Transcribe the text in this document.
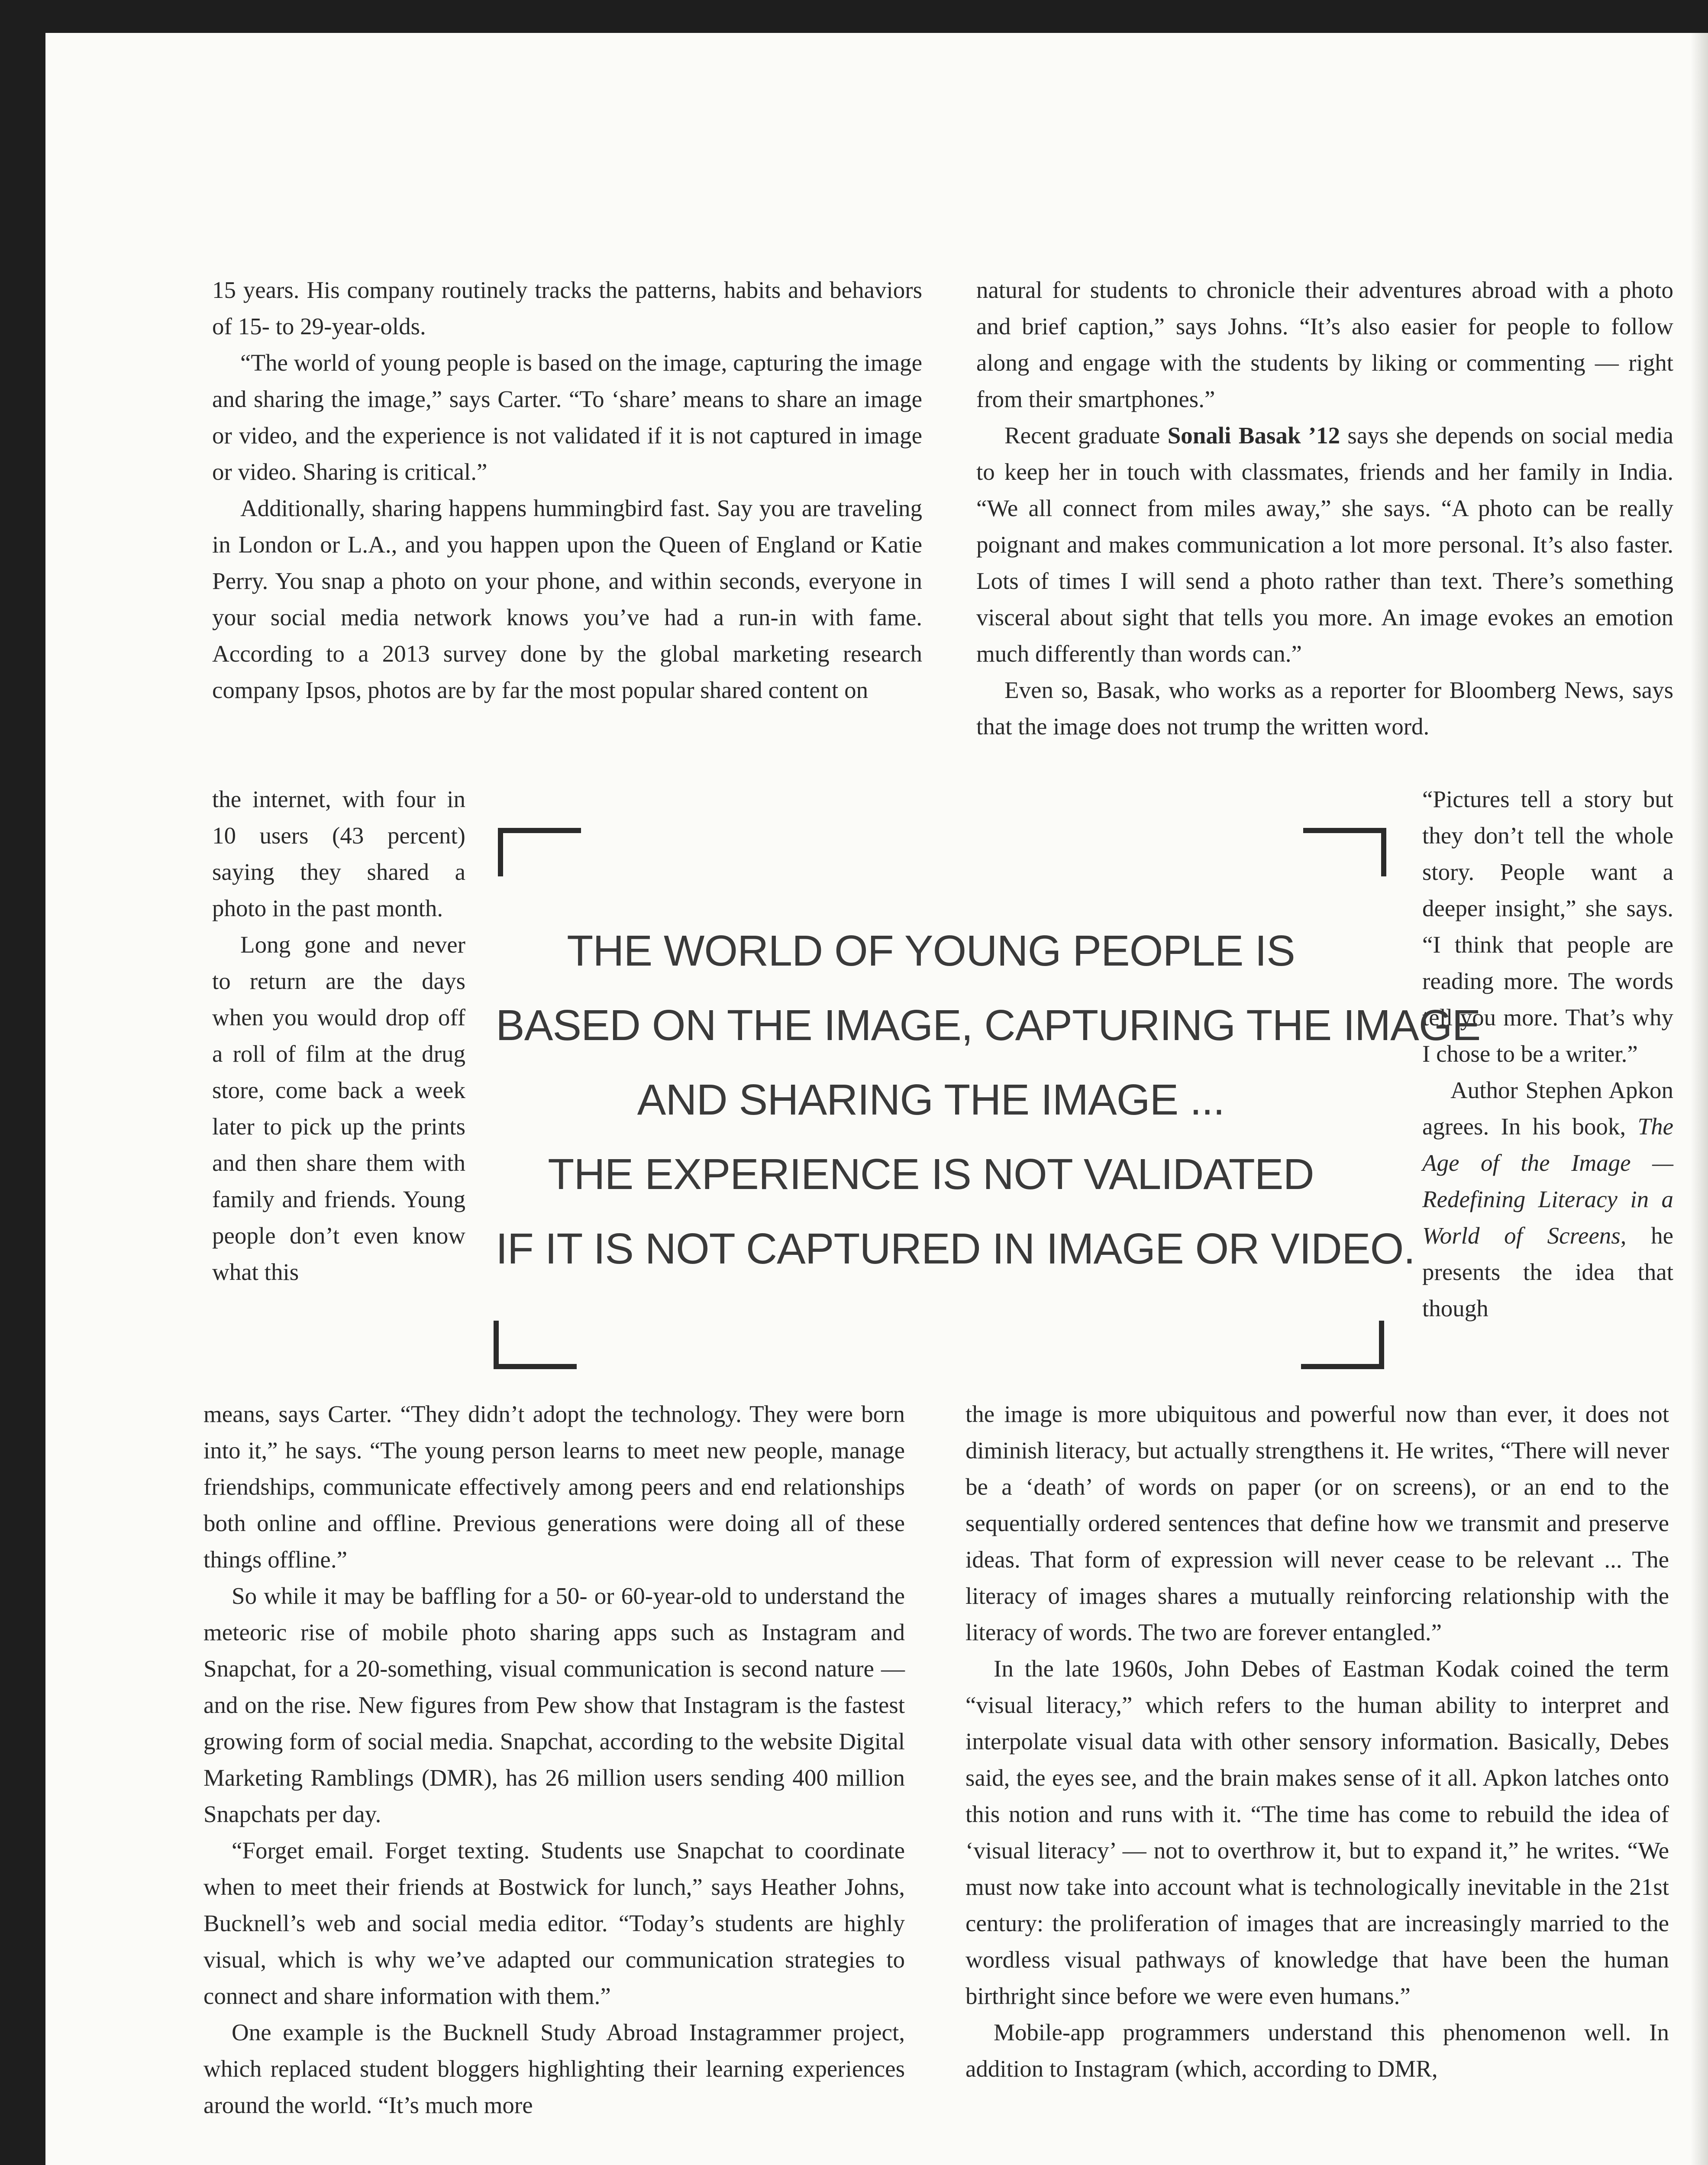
15 years. His company routinely tracks the patterns, habits and behaviors of 15- to 29-year-olds.

“The world of young people is based on the image, capturing the image and sharing the image,” says Carter. “To ‘share’ means to share an image or video, and the experience is not validated if it is not captured in image or video. Sharing is critical.”

Additionally, sharing happens hummingbird fast. Say you are traveling in London or L.A., and you happen upon the Queen of England or Katie Perry. You snap a photo on your phone, and within seconds, everyone in your social media network knows you’ve had a run-in with fame. According to a 2013 survey done by the global marketing research company Ipsos, photos are by far the most popular shared content on

the internet, with four in 10 users (43 percent) saying they shared a photo in the past month.

Long gone and never to return are the days when you would drop off a roll of film at the drug store, come back a week later to pick up the prints and then share them with family and friends. Young people don’t even know what this

means, says Carter. “They didn’t adopt the technology. They were born into it,” he says. “The young person learns to meet new people, manage friendships, communicate effectively among peers and end relationships both online and offline. Previous generations were doing all of these things offline.”

So while it may be baffling for a 50- or 60-year-old to understand the meteoric rise of mobile photo sharing apps such as Instagram and Snapchat, for a 20-something, visual communication is second nature — and on the rise. New figures from Pew show that Instagram is the fastest growing form of social media. Snapchat, according to the website Digital Marketing Ramblings (DMR), has 26 million users sending 400 million Snapchats per day.

“Forget email. Forget texting. Students use Snapchat to coordinate when to meet their friends at Bostwick for lunch,” says Heather Johns, Bucknell’s web and social media editor. “Today’s students are highly visual, which is why we’ve adapted our communication strategies to connect and share information with them.”

One example is the Bucknell Study Abroad Instagrammer project, which replaced student bloggers highlighting their learning experiences around the world. “It’s much more

natural for students to chronicle their adventures abroad with a photo and brief caption,” says Johns. “It’s also easier for people to follow along and engage with the students by liking or commenting — right from their smartphones.”

Recent graduate Sonali Basak ’12 says she depends on social media to keep her in touch with classmates, friends and her family in India. “We all connect from miles away,” she says. “A photo can be really poignant and makes communication a lot more personal. It’s also faster. Lots of times I will send a photo rather than text. There’s something visceral about sight that tells you more. An image evokes an emotion much differently than words can.”

Even so, Basak, who works as a reporter for Bloomberg News, says that the image does not trump the written word.

“Pictures tell a story but they don’t tell the whole story. People want a deeper insight,” she says. “I think that people are reading more. The words tell you more. That’s why I chose to be a writer.”

Author Stephen Apkon agrees. In his book, The Age of the Image — Redefining Literacy in a World of Screens, he presents the idea that though

the image is more ubiquitous and powerful now than ever, it does not diminish literacy, but actually strengthens it. He writes, “There will never be a ‘death’ of words on paper (or on screens), or an end to the sequentially ordered sentences that define how we transmit and preserve ideas. That form of expression will never cease to be relevant ... The literacy of images shares a mutually reinforcing relationship with the literacy of words. The two are forever entangled.”

In the late 1960s, John Debes of Eastman Kodak coined the term “visual literacy,” which refers to the human ability to interpret and interpolate visual data with other sensory information. Basically, Debes said, the eyes see, and the brain makes sense of it all. Apkon latches onto this notion and runs with it. “The time has come to rebuild the idea of ‘visual literacy’ — not to overthrow it, but to expand it,” he writes. “We must now take into account what is technologically inevitable in the 21st century: the proliferation of images that are increasingly married to the wordless visual pathways of knowledge that have been the human birthright since before we were even humans.”

Mobile-app programmers understand this phenomenon well. In addition to Instagram (which, according to DMR,

THE WORLD OF YOUNG PEOPLE IS
BASED ON THE IMAGE, CAPTURING THE IMAGE
AND SHARING THE IMAGE ...
THE EXPERIENCE IS NOT VALIDATED
IF IT IS NOT CAPTURED IN IMAGE OR VIDEO.
